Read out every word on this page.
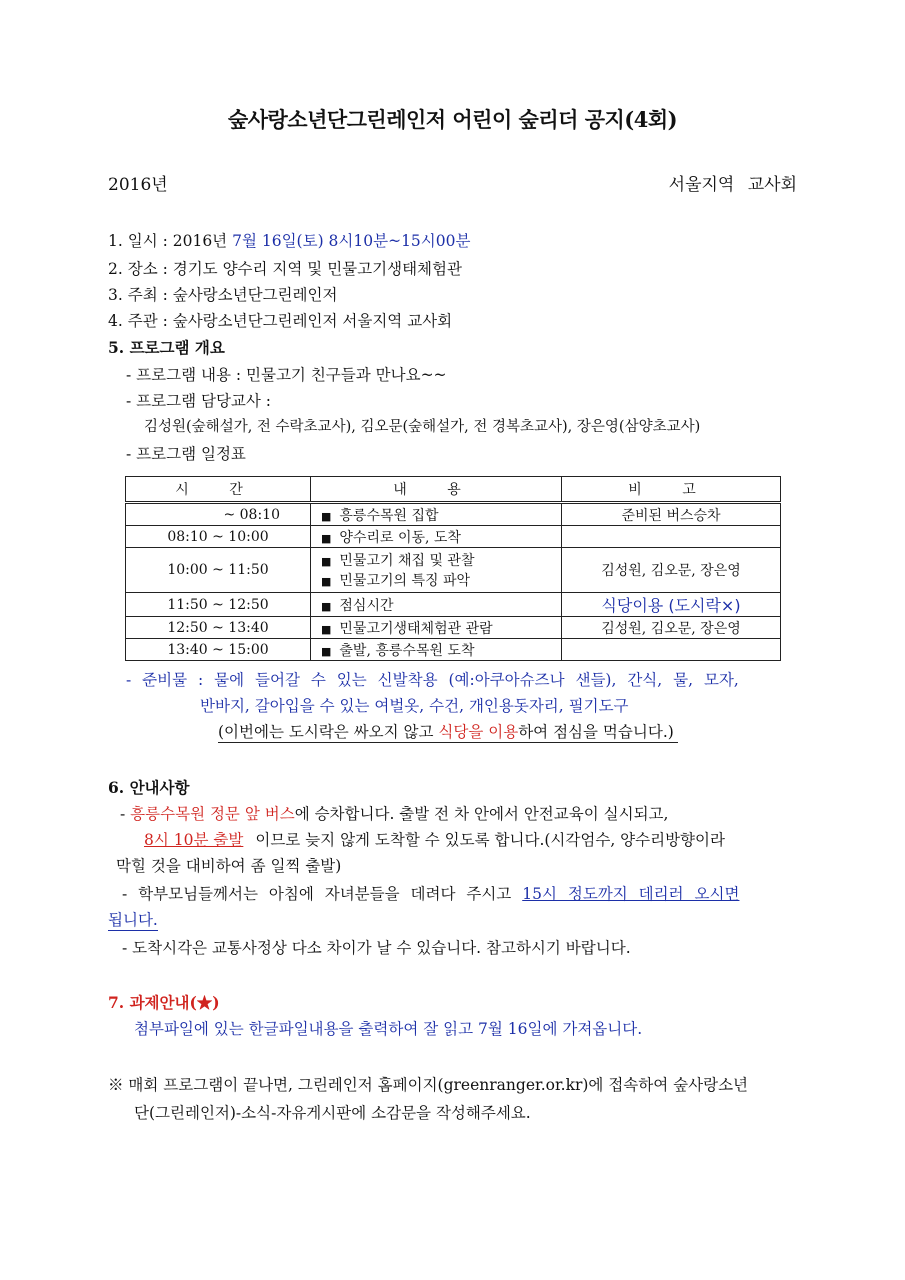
숲사랑소년단그린레인저 어린이 숲리더 공지(4회)
2016년	서울지역 교사회
1. 일시 : 2016년 7월 16일(토) 8시10분~15시00분
2. 장소 : 경기도 양수리 지역 및 민물고기생태체험관
3. 주최 : 숲사랑소년단그린레인저
4. 주관 : 숲사랑소년단그린레인저 서울지역 교사회
5. 프로그램 개요
- 프로그램 내용 : 민물고기 친구들과 만나요~~
- 프로그램 담당교사 :
김성원(숲해설가, 전 수락초교사), 김오문(숲해설가, 전 경복초교사), 장은영(삼양초교사)
- 프로그램 일정표
시 간	내 용	비 고
~ 08:10	■ 흥릉수목원 집합	준비된 버스승차
08:10 ~ 10:00	■ 양수리로 이동, 도착	
10:00 ~ 11:50	■ 민물고기 채집 및 관찰
■ 민물고기의 특징 파악	김성원, 김오문, 장은영
11:50 ~ 12:50	■ 점심시간	식당이용 (도시락×)
12:50 ~ 13:40	■ 민물고기생태체험관 관람	김성원, 김오문, 장은영
13:40 ~ 15:00	■ 출발, 흥릉수목원 도착	
- 준비물 : 물에 들어갈 수 있는 신발착용 (예:아쿠아슈즈나 샌들), 간식, 물, 모자,
반바지, 갈아입을 수 있는 여벌옷, 수건, 개인용돗자리, 필기도구
(이번에는 도시락은 싸오지 않고 식당을 이용하여 점심을 먹습니다.)
6. 안내사항
- 흥릉수목원 정문 앞 버스에 승차합니다. 출발 전 차 안에서 안전교육이 실시되고,
8시 10분 출발 이므로 늦지 않게 도착할 수 있도록 합니다.(시각엄수, 양수리방향이라
막힐 것을 대비하여 좀 일찍 출발)
- 학부모님들께서는 아침에 자녀분들을 데려다 주시고 15시 정도까지 데리러 오시면
됩니다.
- 도착시각은 교통사정상 다소 차이가 날 수 있습니다. 참고하시기 바랍니다.
7. 과제안내(★)
첨부파일에 있는 한글파일내용을 출력하여 잘 읽고 7월 16일에 가져옵니다.
※ 매회 프로그램이 끝나면, 그린레인저 홈페이지(greenranger.or.kr)에 접속하여 숲사랑소년
단(그린레인저)-소식-자유게시판에 소감문을 작성해주세요.
